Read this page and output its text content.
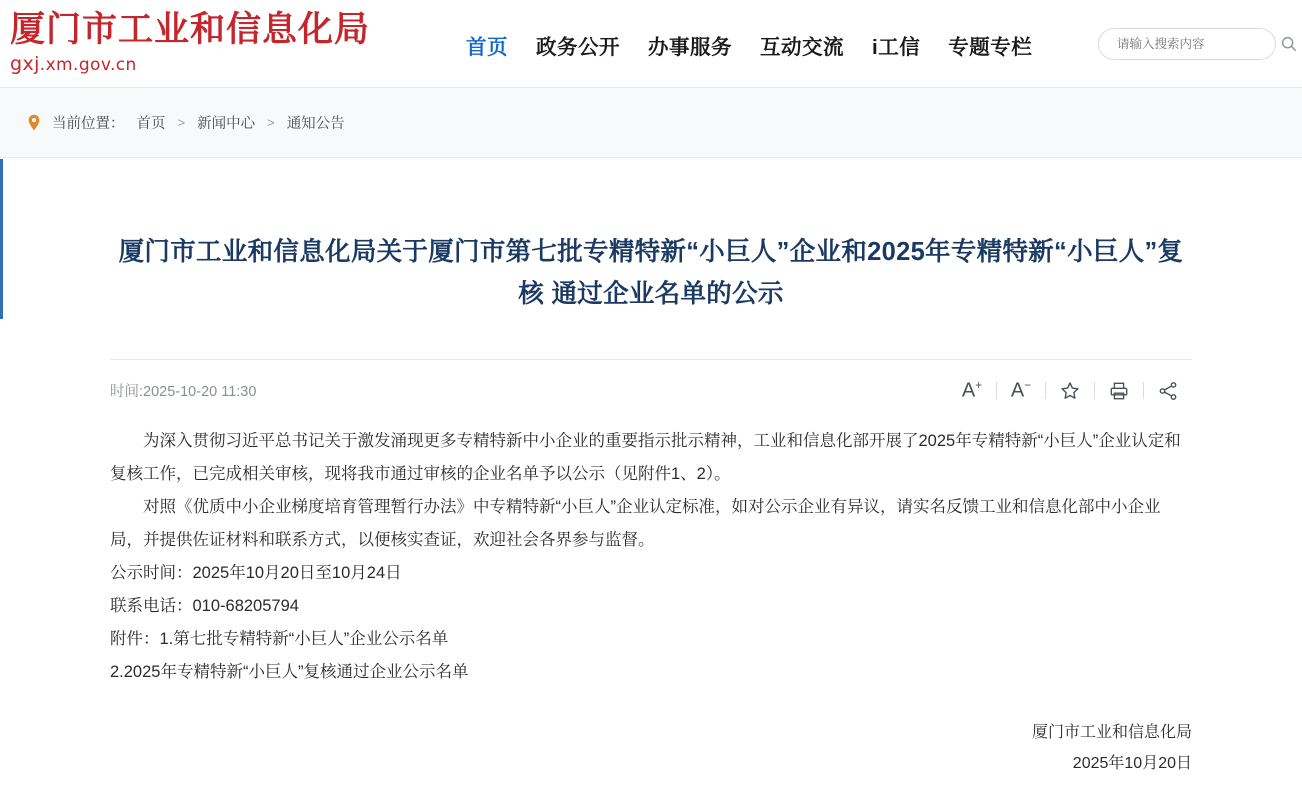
厦门市工业和信息化局
gxj.xm.gov.cn
首页 政务公开 办事服务 互动交流 i工信 专题专栏
请输入搜索内容
当前位置： 首页 > 新闻中心 > 通知公告
厦门市工业和信息化局关于厦门市第七批专精特新“小巨人”企业和2025年专精特新“小巨人”复核 通过企业名单的公示
时间:2025-10-20 11:30	A+ A−

为深入贯彻习近平总书记关于激发涌现更多专精特新中小企业的重要指示批示精神，工业和信息化部开展了2025年专精特新“小巨人”企业认定和复核工作，已完成相关审核，现将我市通过审核的企业名单予以公示（见附件1、2）。

对照《优质中小企业梯度培育管理暂行办法》中专精特新“小巨人”企业认定标准，如对公示企业有异议，请实名反馈工业和信息化部中小企业局，并提供佐证材料和联系方式，以便核实查证，欢迎社会各界参与监督。

公示时间：2025年10月20日至10月24日

联系电话：010-68205794

附件：1.第七批专精特新“小巨人”企业公示名单

2.2025年专精特新“小巨人”复核通过企业公示名单

厦门市工业和信息化局
2025年10月20日
